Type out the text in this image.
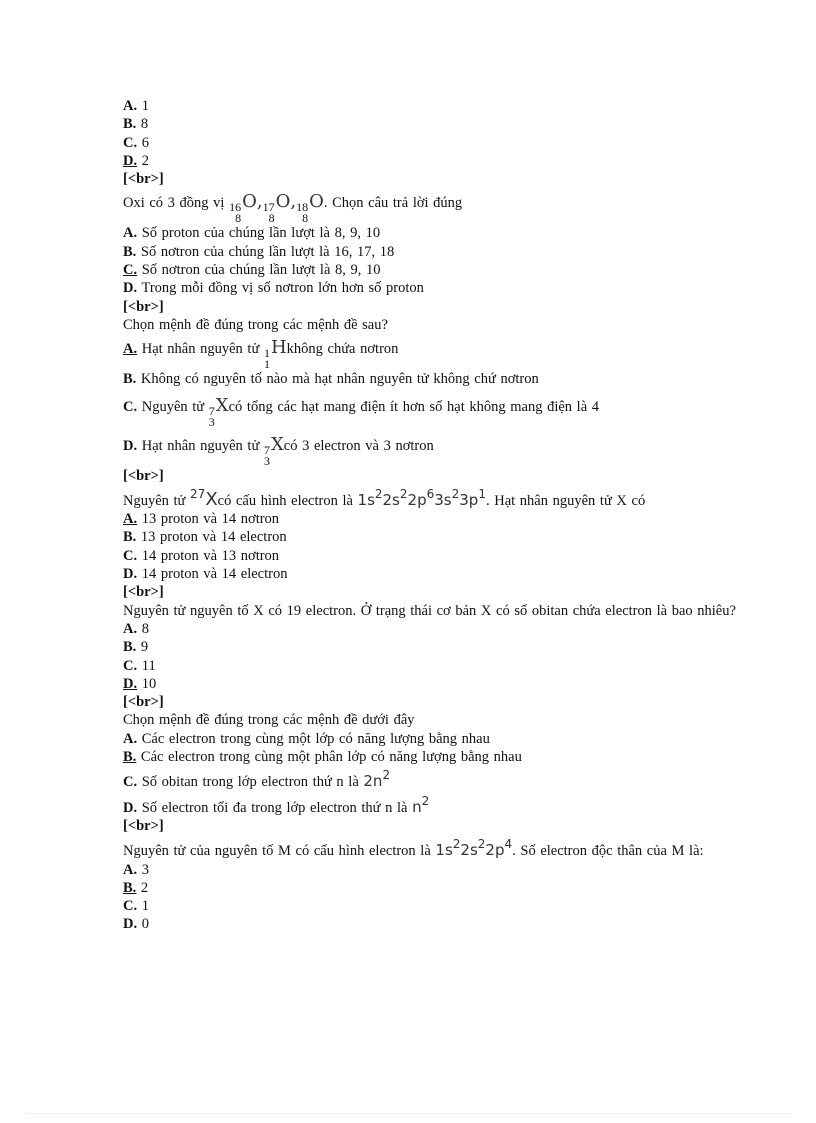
A. 1
B. 8
C. 6
D. 2
[<br>]
Oxi có 3 đồng vị 16
8
O, 17
8
O, 18
8
O. Chọn câu trả lời đúng
A. Số proton của chúng lần lượt là 8, 9, 10
B. Số nơtron của chúng lần lượt là 16, 17, 18
C. Số nơtron của chúng lần lượt là 8, 9, 10
D. Trong mỗi đồng vị số nơtron lớn hơn số proton
[<br>]
Chọn mệnh đề đúng trong các mệnh đề sau?
A. Hạt nhân nguyên tử 1
1
Hkhông chứa nơtron
B. Không có nguyên tố nào mà hạt nhân nguyên tử không chứ nơtron
C. Nguyên tử 7
3
Xcó tổng các hạt mang điện ít hơn số hạt không mang điện là 4
D. Hạt nhân nguyên tử 7
3
Xcó 3 electron và 3 nơtron
[<br>]
Nguyên tử $^{27}$Xcó cấu hình electron là $1s^22s^22p^63s^23p^1$. Hạt nhân nguyên tử X có
A. 13 proton và 14 nơtron
B. 13 proton và 14 electron
C. 14 proton và 13 nơtron
D. 14 proton và 14 electron
[<br>]
Nguyên tử nguyên tố X có 19 electron. Ở trạng thái cơ bản X có số obitan chứa electron là bao nhiêu?
A. 8
B. 9
C. 11
D. 10
[<br>]
Chọn mệnh đề đúng trong các mệnh đề dưới đây
A. Các electron trong cùng một lớp có năng lượng bằng nhau
B. Các electron trong cùng một phân lớp có năng lượng bằng nhau
C. Số obitan trong lớp electron thứ n là $2n^2$
D. Số electron tối đa trong lớp electron thứ n là $n^2$
[<br>]
Nguyên tử của nguyên tố M có cấu hình electron là $1s^22s^22p^4$. Số electron độc thân của M là:
A. 3
B. 2
C. 1
D. 0
